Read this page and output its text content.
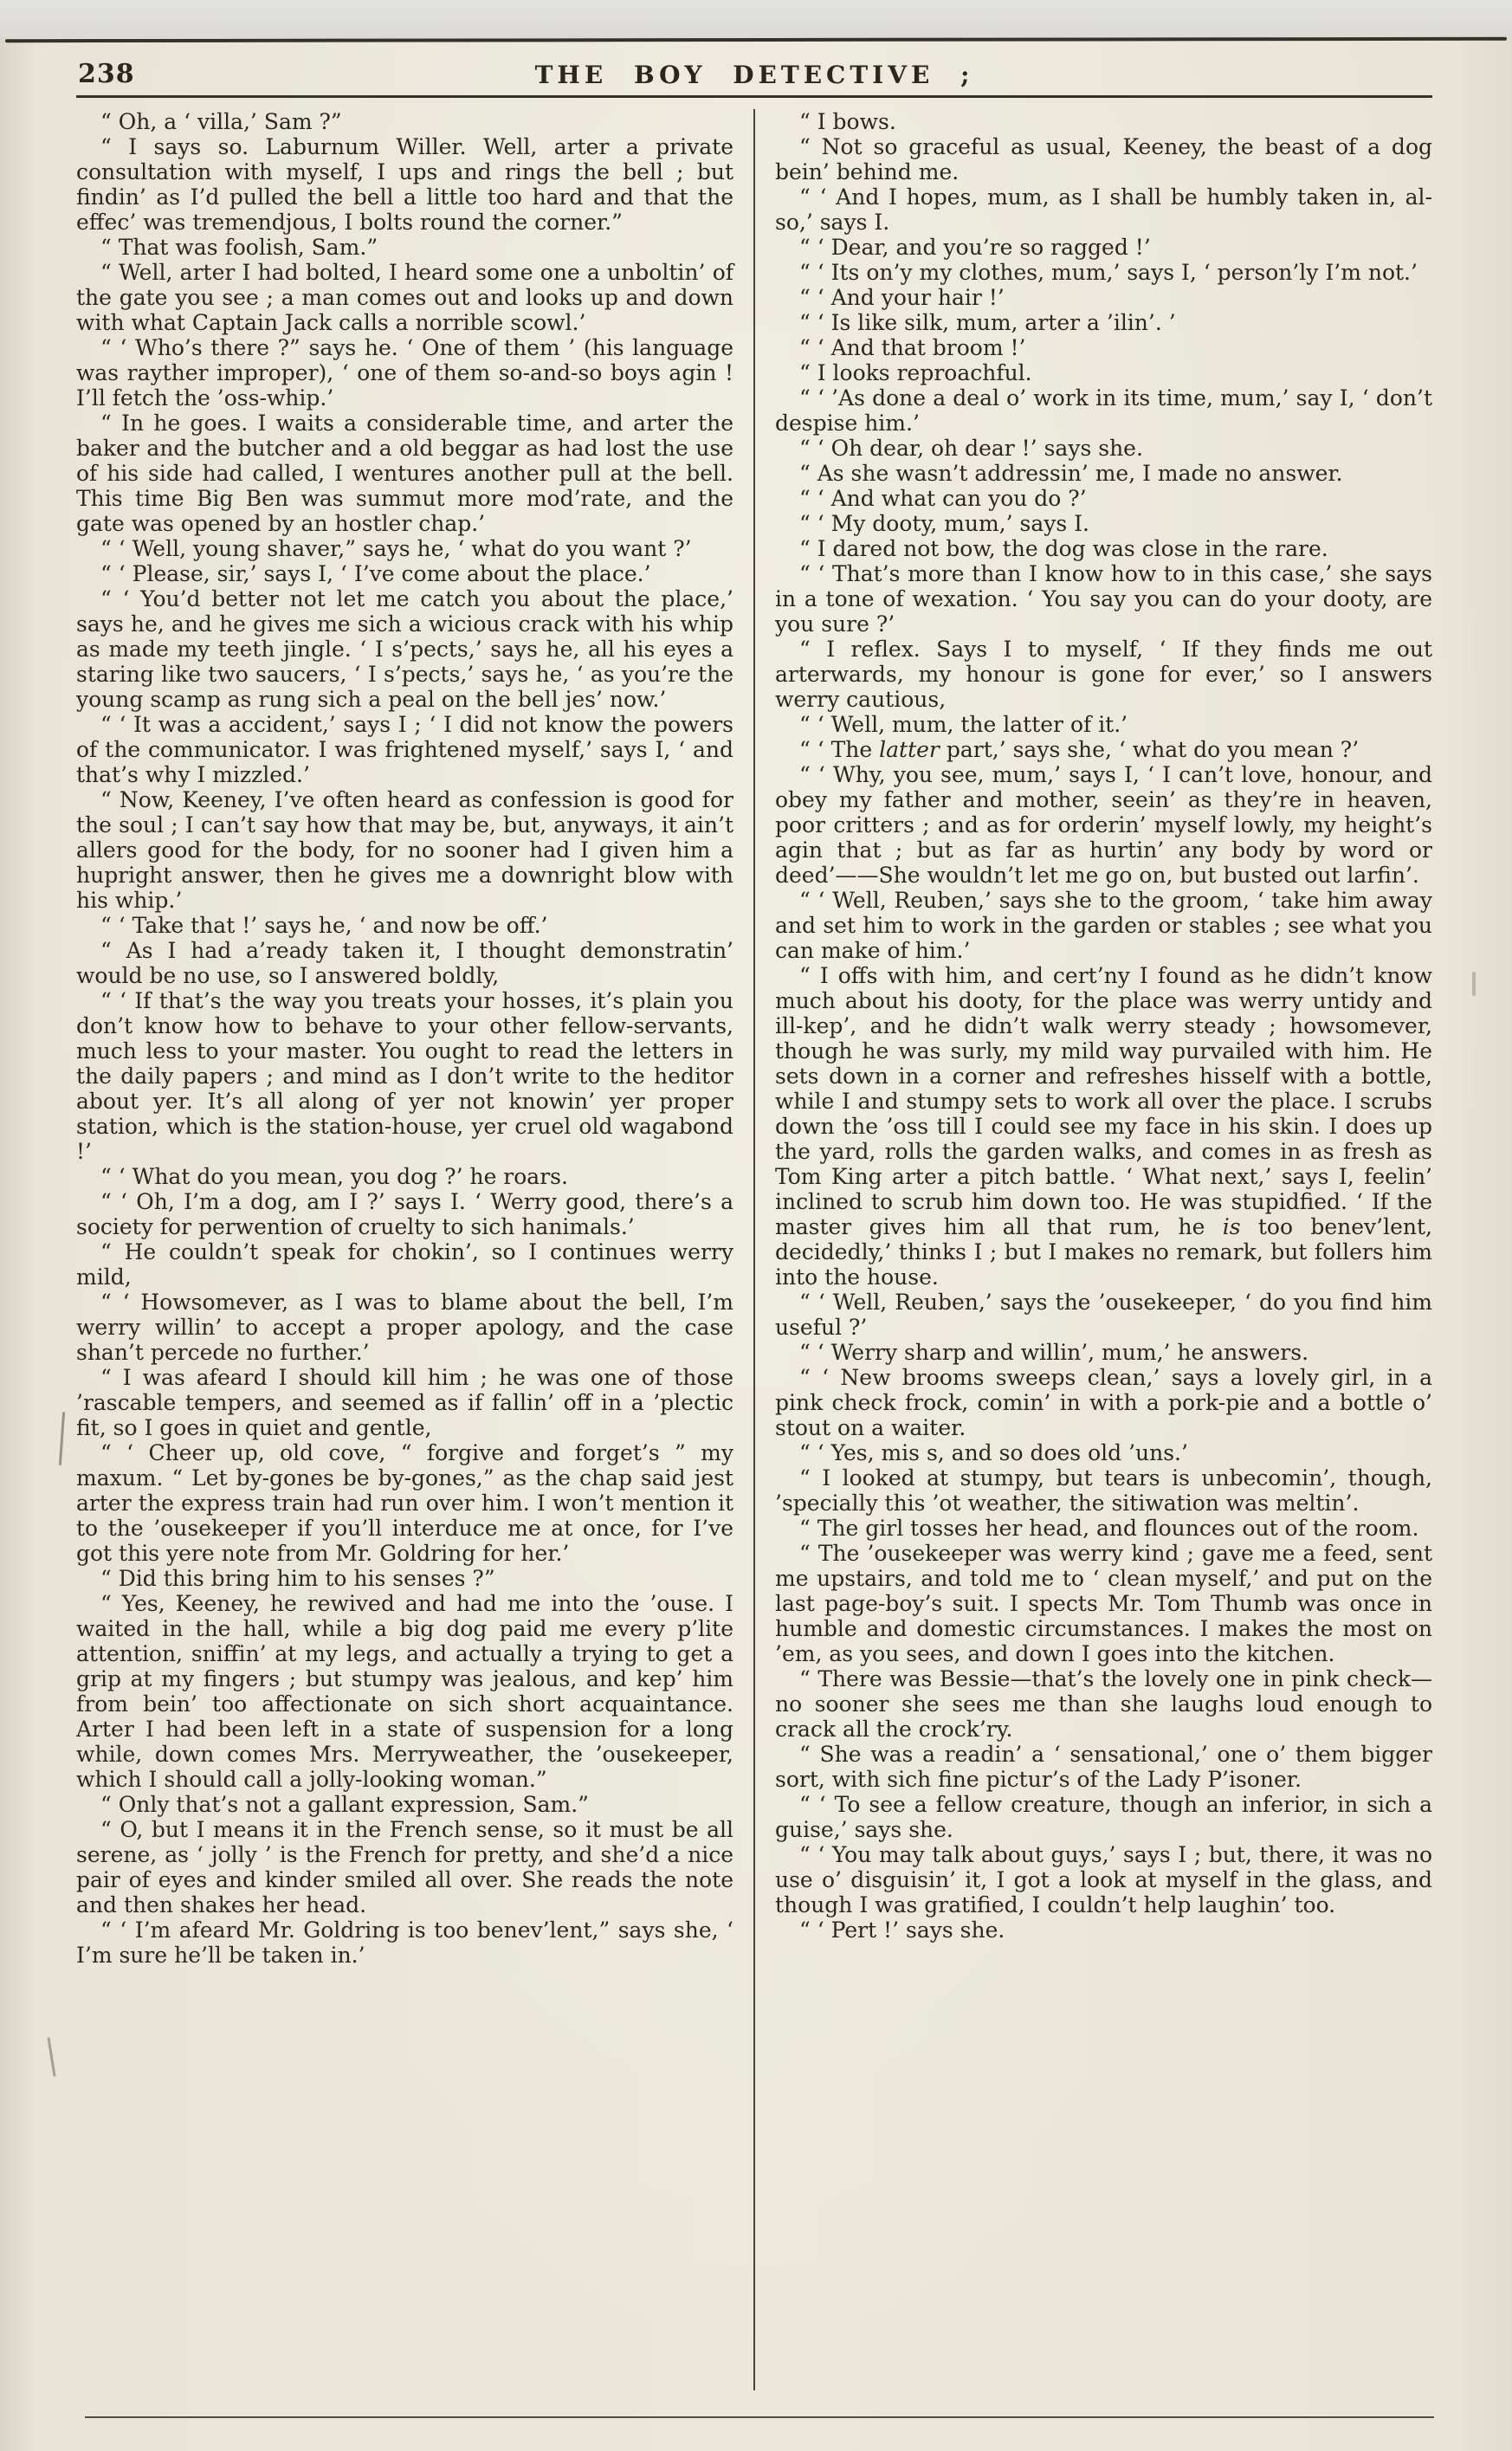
238	THE BOY DETECTIVE ;

“ Oh, a ‘ villa,’ Sam ?”

“ I says so. Laburnum Willer. Well, arter a private consultation with myself, I ups and rings the bell ; but findin’ as I’d pulled the bell a little too hard and that the effec’ was tremendjous, I bolts round the corner.”

“ That was foolish, Sam.”

“ Well, arter I had bolted, I heard some one a unboltin’ of the gate you see ; a man comes out and looks up and down with what Captain Jack calls a norrible scowl.’

“ ‘ Who’s there ?” says he. ‘ One of them ’ (his language was rayther improper), ‘ one of them so-and-so boys agin ! I’ll fetch the ’oss-whip.’

“ In he goes. I waits a considerable time, and arter the baker and the butcher and a old beggar as had lost the use of his side had called, I wentures another pull at the bell. This time Big Ben was summut more mod’rate, and the gate was opened by an hostler chap.’

“ ‘ Well, young shaver,” says he, ‘ what do you want ?’

“ ‘ Please, sir,’ says I, ‘ I’ve come about the place.’

“ ‘ You’d better not let me catch you about the place,’ says he, and he gives me sich a wicious crack with his whip as made my teeth jingle. ‘ I s’pects,’ says he, all his eyes a staring like two saucers, ‘ I s’pects,’ says he, ‘ as you’re the young scamp as rung sich a peal on the bell jes’ now.’

“ ‘ It was a accident,’ says I ; ‘ I did not know the powers of the communicator. I was frightened myself,’ says I, ‘ and that’s why I mizzled.’

“ Now, Keeney, I’ve often heard as confession is good for the soul ; I can’t say how that may be, but, anyways, it ain’t allers good for the body, for no sooner had I given him a hupright answer, then he gives me a downright blow with his whip.’

“ ‘ Take that !’ says he, ‘ and now be off.’

“ As I had a’ready taken it, I thought demonstratin’ would be no use, so I answered boldly,

“ ‘ If that’s the way you treats your hosses, it’s plain you don’t know how to behave to your other fellow-servants, much less to your master. You ought to read the letters in the daily papers ; and mind as I don’t write to the heditor about yer. It’s all along of yer not knowin’ yer proper station, which is the station-house, yer cruel old wagabond !’

“ ‘ What do you mean, you dog ?’ he roars.

“ ‘ Oh, I’m a dog, am I ?’ says I. ‘ Werry good, there’s a society for perwention of cruelty to sich hanimals.’

“ He couldn’t speak for chokin’, so I continues werry mild,

“ ‘ Howsomever, as I was to blame about the bell, I’m werry willin’ to accept a proper apology, and the case shan’t percede no further.’

“ I was afeard I should kill him ; he was one of those ’rascable tempers, and seemed as if fallin’ off in a ’plectic fit, so I goes in quiet and gentle,

“ ‘ Cheer up, old cove, “ forgive and forget’s ” my maxum. “ Let by-gones be by-gones,” as the chap said jest arter the express train had run over him. I won’t mention it to the ’ousekeeper if you’ll interduce me at once, for I’ve got this yere note from Mr. Goldring for her.’

“ Did this bring him to his senses ?”

“ Yes, Keeney, he rewived and had me into the ’ouse. I waited in the hall, while a big dog paid me every p’lite attention, sniffin’ at my legs, and actually a trying to get a grip at my fingers ; but stumpy was jealous, and kep’ him from bein’ too affectionate on sich short acquaintance. Arter I had been left in a state of suspension for a long while, down comes Mrs. Merryweather, the ’ousekeeper, which I should call a jolly-looking woman.”

“ Only that’s not a gallant expression, Sam.”

“ O, but I means it in the French sense, so it must be all serene, as ‘ jolly ’ is the French for pretty, and she’d a nice pair of eyes and kinder smiled all over. She reads the note and then shakes her head.

“ ‘ I’m afeard Mr. Goldring is too benev’lent,” says she, ‘ I’m sure he’ll be taken in.’

“ I bows.

“ Not so graceful as usual, Keeney, the beast of a dog bein’ behind me.

“ ‘ And I hopes, mum, as I shall be humbly taken in, al-so,’ says I.

“ ‘ Dear, and you’re so ragged !’

“ ‘ Its on’y my clothes, mum,’ says I, ‘ person’ly I’m not.’

“ ‘ And your hair !’

“ ‘ Is like silk, mum, arter a ’ilin’. ’

“ ‘ And that broom !’

“ I looks reproachful.

“ ‘ ’As done a deal o’ work in its time, mum,’ say I, ‘ don’t despise him.’

“ ‘ Oh dear, oh dear !’ says she.

“ As she wasn’t addressin’ me, I made no answer.

“ ‘ And what can you do ?’

“ ‘ My dooty, mum,’ says I.

“ I dared not bow, the dog was close in the rare.

“ ‘ That’s more than I know how to in this case,’ she says in a tone of wexation. ‘ You say you can do your dooty, are you sure ?’

“ I reflex. Says I to myself, ‘ If they finds me out arterwards, my honour is gone for ever,’ so I answers werry cautious,

“ ‘ Well, mum, the latter of it.’

“ ‘ The latter part,’ says she, ‘ what do you mean ?’

“ ‘ Why, you see, mum,’ says I, ‘ I can’t love, honour, and obey my father and mother, seein’ as they’re in heaven, poor critters ; and as for orderin’ myself lowly, my height’s agin that ; but as far as hurtin’ any body by word or deed’——She wouldn’t let me go on, but busted out larfin’.

“ ‘ Well, Reuben,’ says she to the groom, ‘ take him away and set him to work in the garden or stables ; see what you can make of him.’

“ I offs with him, and cert’ny I found as he didn’t know much about his dooty, for the place was werry untidy and ill-kep’, and he didn’t walk werry steady ; howsomever, though he was surly, my mild way purvailed with him. He sets down in a corner and refreshes hisself with a bottle, while I and stumpy sets to work all over the place. I scrubs down the ’oss till I could see my face in his skin. I does up the yard, rolls the garden walks, and comes in as fresh as Tom King arter a pitch battle. ‘ What next,’ says I, feelin’ inclined to scrub him down too. He was stupidfied. ‘ If the master gives him all that rum, he is too benev’lent, decidedly,’ thinks I ; but I makes no remark, but follers him into the house.

“ ‘ Well, Reuben,’ says the ’ousekeeper, ‘ do you find him useful ?’

“ ‘ Werry sharp and willin’, mum,’ he answers.

“ ‘ New brooms sweeps clean,’ says a lovely girl, in a pink check frock, comin’ in with a pork-pie and a bottle o’ stout on a waiter.

“ ‘ Yes, mis s, and so does old ’uns.’

“ I looked at stumpy, but tears is unbecomin’, though, ’specially this ’ot weather, the sitiwation was meltin’.

“ The girl tosses her head, and flounces out of the room.

“ The ’ousekeeper was werry kind ; gave me a feed, sent me upstairs, and told me to ‘ clean myself,’ and put on the last page-boy’s suit. I spects Mr. Tom Thumb was once in humble and domestic circumstances. I makes the most on ’em, as you sees, and down I goes into the kitchen.

“ There was Bessie—that’s the lovely one in pink check—no sooner she sees me than she laughs loud enough to crack all the crock’ry.

“ She was a readin’ a ‘ sensational,’ one o’ them bigger sort, with sich fine pictur’s of the Lady P’isoner.

“ ‘ To see a fellow creature, though an inferior, in sich a guise,’ says she.

“ ‘ You may talk about guys,’ says I ; but, there, it was no use o’ disguisin’ it, I got a look at myself in the glass, and though I was gratified, I couldn’t help laughin’ too.

“ ‘ Pert !’ says she.
